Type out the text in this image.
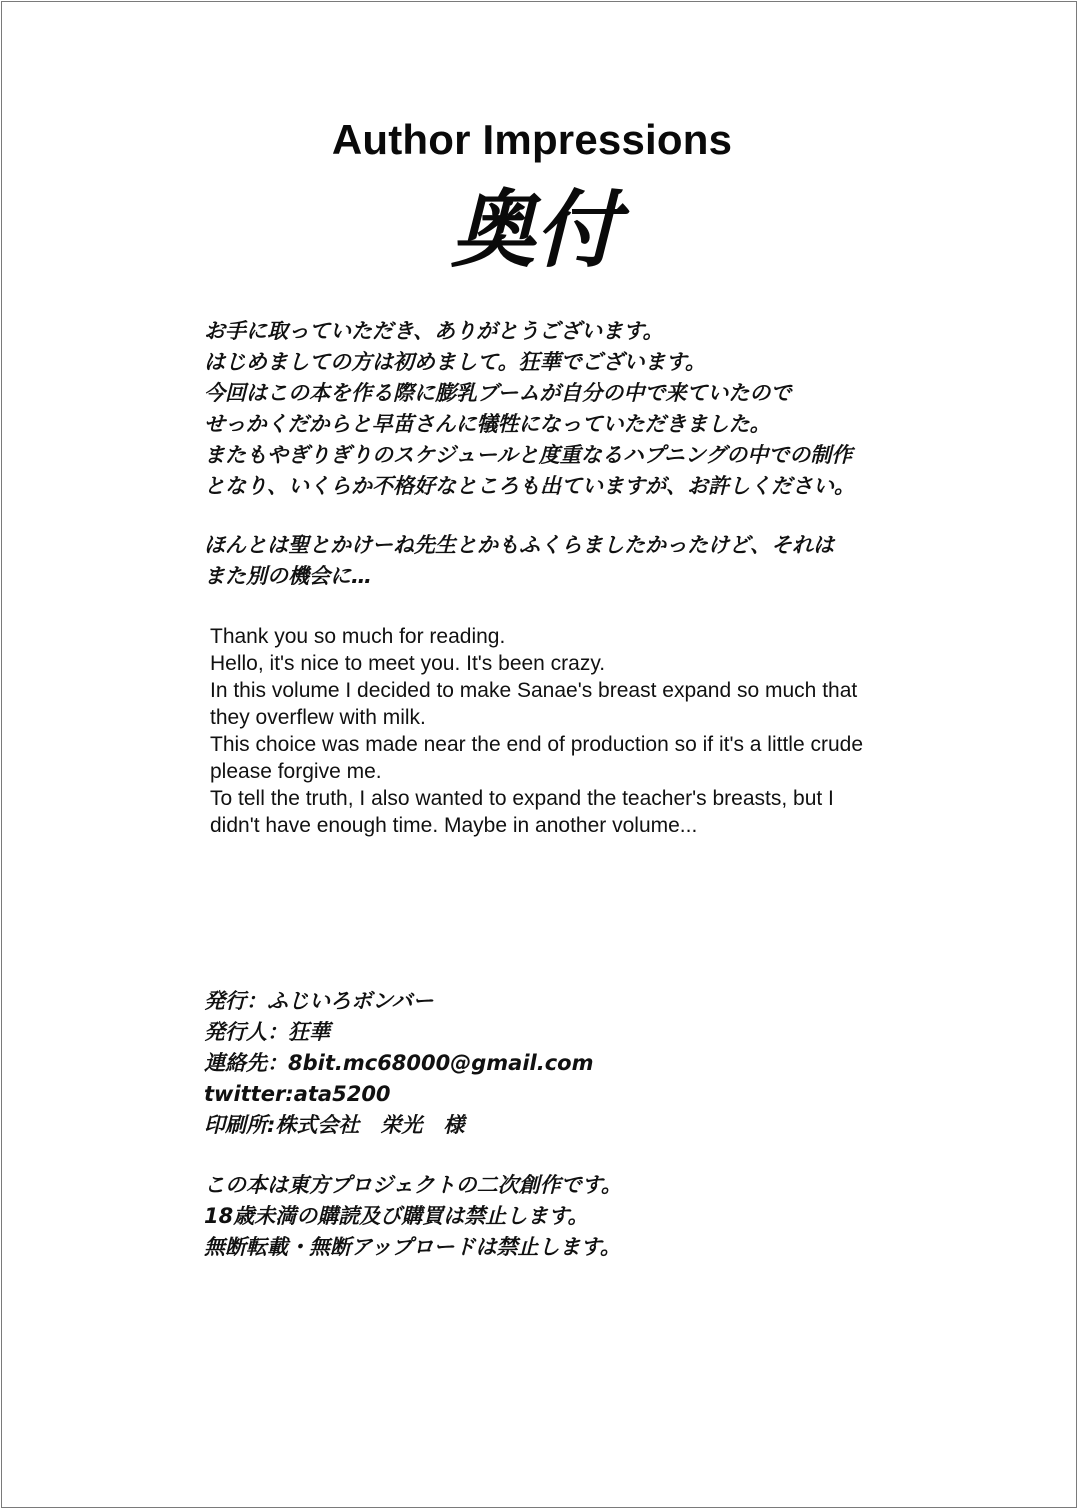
Author Impressions
奥付
お手に取っていただき、ありがとうございます。
はじめましての方は初めまして。狂華でございます。
今回はこの本を作る際に膨乳ブームが自分の中で来ていたので
せっかくだからと早苗さんに犠牲になっていただきました。
またもやぎりぎりのスケジュールと度重なるハプニングの中での制作
となり、いくらか不格好なところも出ていますが、お許しください。
ほんとは聖とかけーね先生とかもふくらましたかったけど、それは
また別の機会に…
Thank you so much for reading.
Hello, it's nice to meet you. It's been crazy.
In this volume I decided to make Sanae's breast expand so much that
they overflew with milk.
This choice was made near the end of production so if it's a little crude
please forgive me.
To tell the truth, I also wanted to expand the teacher's breasts, but I
didn't have enough time. Maybe in another volume...
発行：ふじいろボンバー
発行人：狂華
連絡先：8bit.mc68000@gmail.com
twitter:ata5200
印刷所:株式会社　栄光　様
この本は東方プロジェクトの二次創作です。
18歳未満の購読及び購買は禁止します。
無断転載・無断アップロードは禁止します。
